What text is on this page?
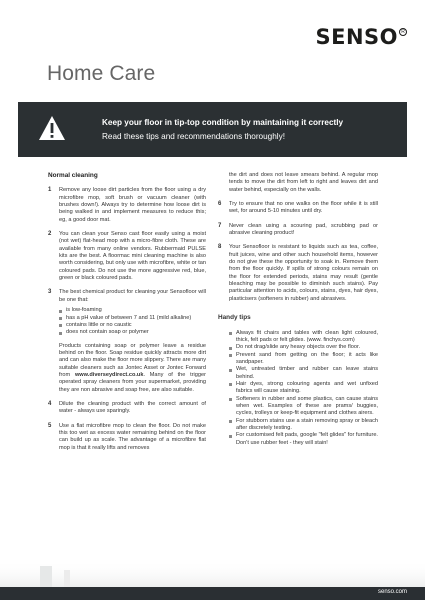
SENSO R
Home Care
Keep your floor in tip-top condition by maintaining it correctly
Read these tips and recommendations thoroughly!
Normal cleaning
1	Remove any loose dirt particles from the floor using a dry microfibre mop, soft brush or vacuum cleaner (with brushes down!). Always try to determine how loose dirt is being walked in and implement measures to reduce this; eg, a good door mat.
2	You can clean your Senso cast floor easily using a moist (not wet) flat-head mop with a micro-fibre cloth. These are available from many online vendors. Rubbermaid PULSE kits are the best. A floormac mini cleaning machine is also worth considering, but only use with microfibre, white or tan coloured pads. Do not use the more aggressive red, blue, green or black coloured pads.
3	The best chemical product for cleaning your Sensofloor will be one that:
is low-foaming
has a pH value of between 7 and 11 (mild alkaline)
contains little or no caustic
does not contain soap or polymer

Products containing soap or polymer leave a residue behind on the floor. Soap residue quickly attracts more dirt and can also make the floor more slippery. There are many suitable cleaners such as Jontec Asset or Jontec Forward from www.diverseydirect.co.uk. Many of the trigger operated spray cleaners from your supermarket, providing they are non abrasive and soap free, are also suitable.

4	Dilute the cleaning product with the correct amount of water - always use sparingly.
5	Use a flat microfibre mop to clean the floor. Do not make this too wet as excess water remaining behind on the floor can build up as scale. The advantage of a microfibre flat mop is that it really lifts and removes

the dirt and does not leave smears behind. A regular mop tends to move the dirt from left to right and leaves dirt and water behind, especially on the walls.

6	Try to ensure that no one walks on the floor while it is still wet, for around 5-10 minutes until dry.
7	Never clean using a scouring pad, scrubbing pad or abrasive cleaning product!
8	Your Sensofloor is resistant to liquids such as tea, coffee, fruit juices, wine and other such household items, however do not give these the opportunity to soak in. Remove them from the floor quickly. If spills of strong colours remain on the floor for extended periods, stains may result (gentle bleaching may be possible to diminish such stains). Pay particular attention to acids, colours, stains, dyes, hair dyes, plasticisers (softeners in rubber) and abrasives.
Handy tips
Always fit chairs and tables with clean light coloured, thick, felt pads or felt glides. (www. finchys.com)
Do not drag/slide any heavy objects over the floor.
Prevent sand from getting on the floor; it acts like sandpaper.
Wet, untreated timber and rubber can leave stains behind.
Hair dyes, strong colouring agents and wet unfixed fabrics will cause staining.
Softeners in rubber and some plastics, can cause stains when wet. Examples of these are prams/ buggies, cycles, trolleys or keep-fit equipment and clothes airers.
For stubborn stains use a stain removing spray or bleach after discretely testing.
For customised felt pads, google "felt glides" for furniture. Don't use rubber feet - they will stain!
senso.com
